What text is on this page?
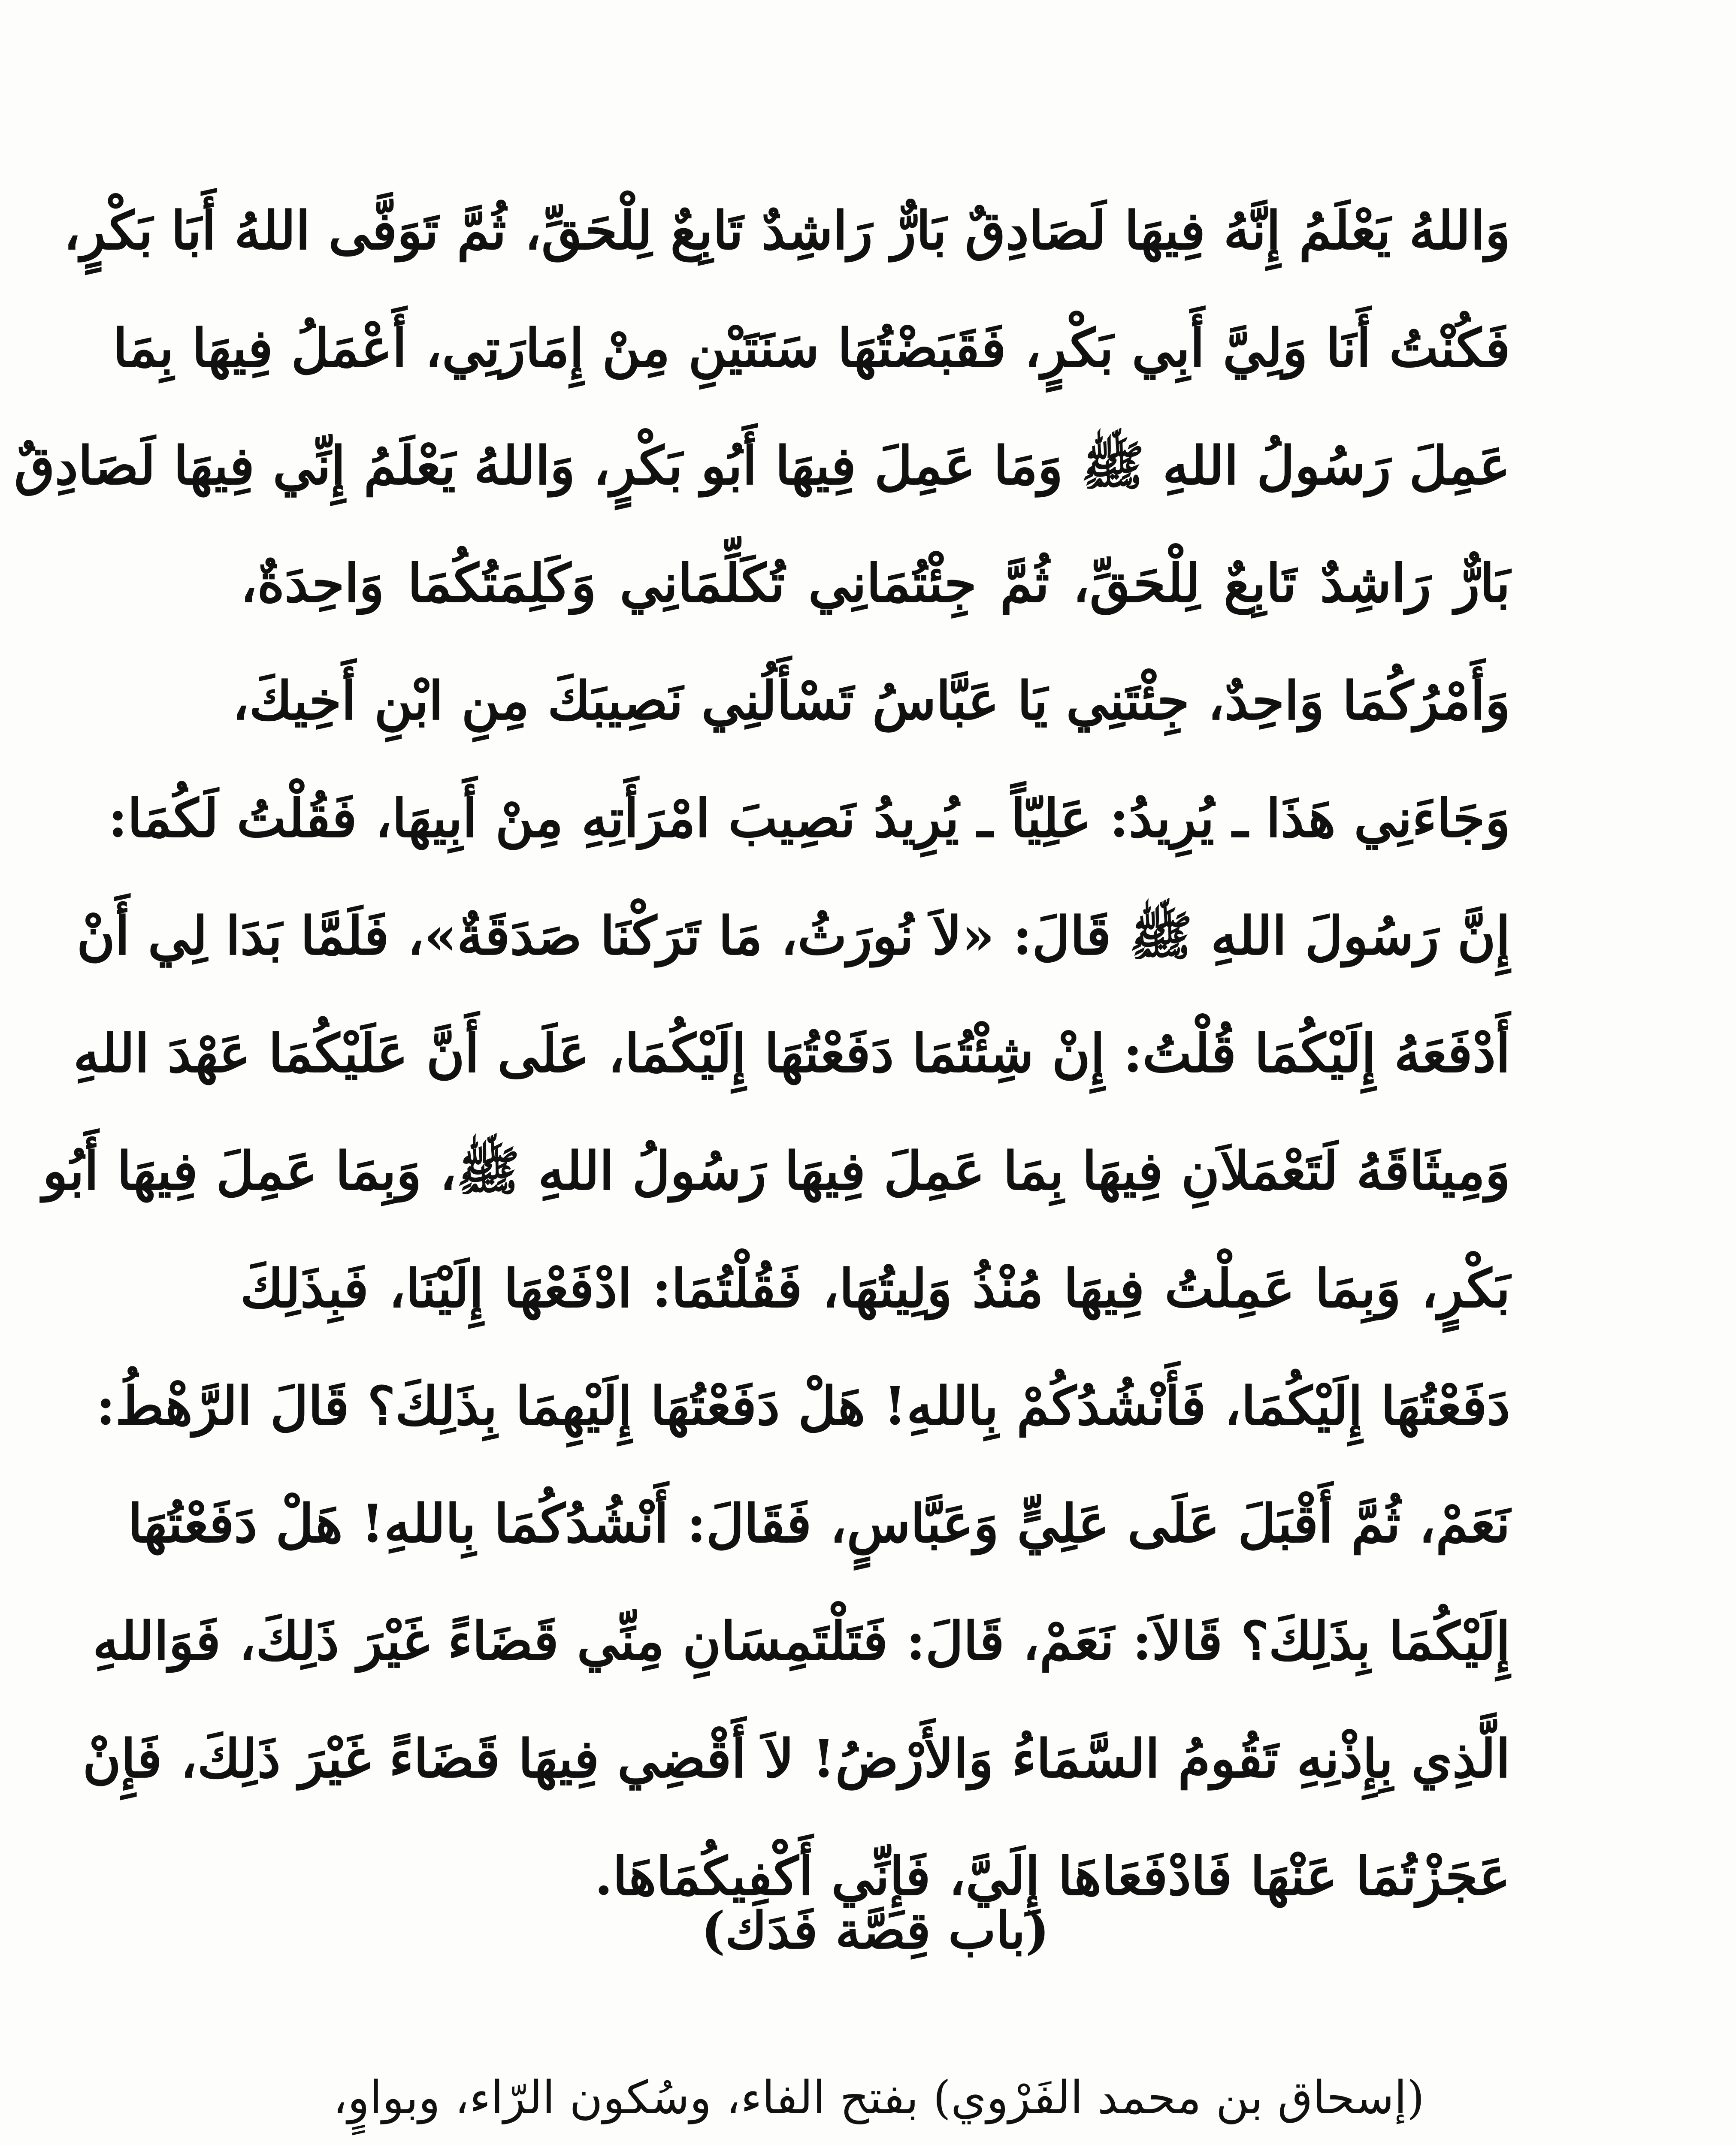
وَاللهُ يَعْلَمُ إِنَّهُ فِيهَا لَصَادِقٌ بَارٌّ رَاشِدٌ تَابِعٌ لِلْحَقِّ، ثُمَّ تَوَفَّى اللهُ أَبَا بَكْرٍ،
فَكُنْتُ أَنَا وَلِيَّ أَبِي بَكْرٍ، فَقَبَضْتُهَا سَنَتَيْنِ مِنْ إِمَارَتِي، أَعْمَلُ فِيهَا بِمَا
عَمِلَ رَسُولُ اللهِ ﷺ وَمَا عَمِلَ فِيهَا أَبُو بَكْرٍ، وَاللهُ يَعْلَمُ إِنِّي فِيهَا لَصَادِقٌ
بَارٌّ رَاشِدٌ تَابِعٌ لِلْحَقِّ، ثُمَّ جِئْتُمَانِي تُكَلِّمَانِي وَكَلِمَتُكُمَا وَاحِدَةٌ،
وَأَمْرُكُمَا وَاحِدٌ، جِئْتَنِي يَا عَبَّاسُ تَسْأَلُنِي نَصِيبَكَ مِنِ ابْنِ أَخِيكَ،
وَجَاءَنِي هَذَا ـ يُرِيدُ: عَلِيّاً ـ يُرِيدُ نَصِيبَ امْرَأَتِهِ مِنْ أَبِيهَا، فَقُلْتُ لَكُمَا:
إِنَّ رَسُولَ اللهِ ﷺ قَالَ: «لاَ نُورَثُ، مَا تَرَكْنَا صَدَقَةٌ»، فَلَمَّا بَدَا لِي أَنْ
أَدْفَعَهُ إِلَيْكُمَا قُلْتُ: إِنْ شِئْتُمَا دَفَعْتُهَا إِلَيْكُمَا، عَلَى أَنَّ عَلَيْكُمَا عَهْدَ اللهِ
وَمِيثَاقَهُ لَتَعْمَلاَنِ فِيهَا بِمَا عَمِلَ فِيهَا رَسُولُ اللهِ ﷺ، وَبِمَا عَمِلَ فِيهَا أَبُو
بَكْرٍ، وَبِمَا عَمِلْتُ فِيهَا مُنْذُ وَلِيتُهَا، فَقُلْتُمَا: ادْفَعْهَا إِلَيْنَا، فَبِذَلِكَ
دَفَعْتُهَا إِلَيْكُمَا، فَأَنْشُدُكُمْ بِاللهِ! هَلْ دَفَعْتُهَا إِلَيْهِمَا بِذَلِكَ؟ قَالَ الرَّهْطُ:
نَعَمْ، ثُمَّ أَقْبَلَ عَلَى عَلِيٍّ وَعَبَّاسٍ، فَقَالَ: أَنْشُدُكُمَا بِاللهِ! هَلْ دَفَعْتُهَا
إِلَيْكُمَا بِذَلِكَ؟ قَالاَ: نَعَمْ، قَالَ: فَتَلْتَمِسَانِ مِنِّي قَضَاءً غَيْرَ ذَلِكَ، فَوَاللهِ
الَّذِي بِإِذْنِهِ تَقُومُ السَّمَاءُ وَالأَرْضُ! لاَ أَقْضِي فِيهَا قَضَاءً غَيْرَ ذَلِكَ، فَإِنْ
عَجَزْتُمَا عَنْهَا فَادْفَعَاهَا إِلَيَّ، فَإِنِّي أَكْفِيكُمَاهَا.
(باب قِصَّة فَدَك)
(إسحاق بن محمد الفَرْوي) بفتح الفاء، وسُكون الرّاء، وبواوٍ،
